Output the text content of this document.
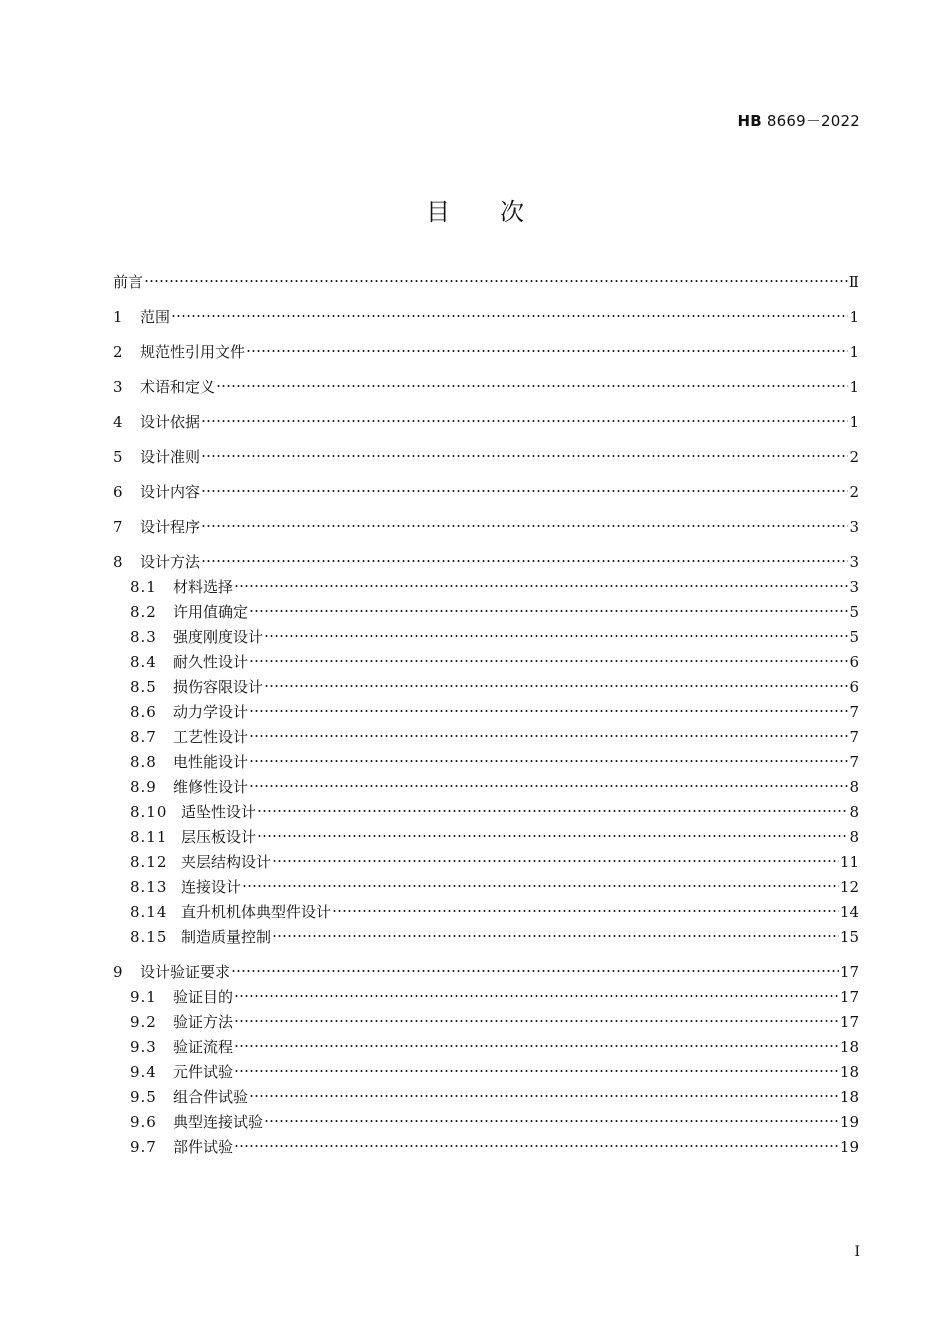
HB 8669－2022
目 次
前言	Ⅱ
1	范围	1
2	规范性引用文件	1
3	术语和定义	1
4	设计依据	1
5	设计准则	2
6	设计内容	2
7	设计程序	3
8	设计方法	3
8.1	材料选择	3
8.2	许用值确定	5
8.3	强度刚度设计	5
8.4	耐久性设计	6
8.5	损伤容限设计	6
8.6	动力学设计	7
8.7	工艺性设计	7
8.8	电性能设计	7
8.9	维修性设计	8
8.10 适坠性设计	8
8.11 层压板设计	8
8.12 夹层结构设计	11
8.13 连接设计	12
8.14 直升机机体典型件设计	14
8.15 制造质量控制	15
9	设计验证要求	17
9.1	验证目的	17
9.2	验证方法	17
9.3	验证流程	18
9.4	元件试验	18
9.5	组合件试验	18
9.6	典型连接试验	19
9.7	部件试验	19
I
